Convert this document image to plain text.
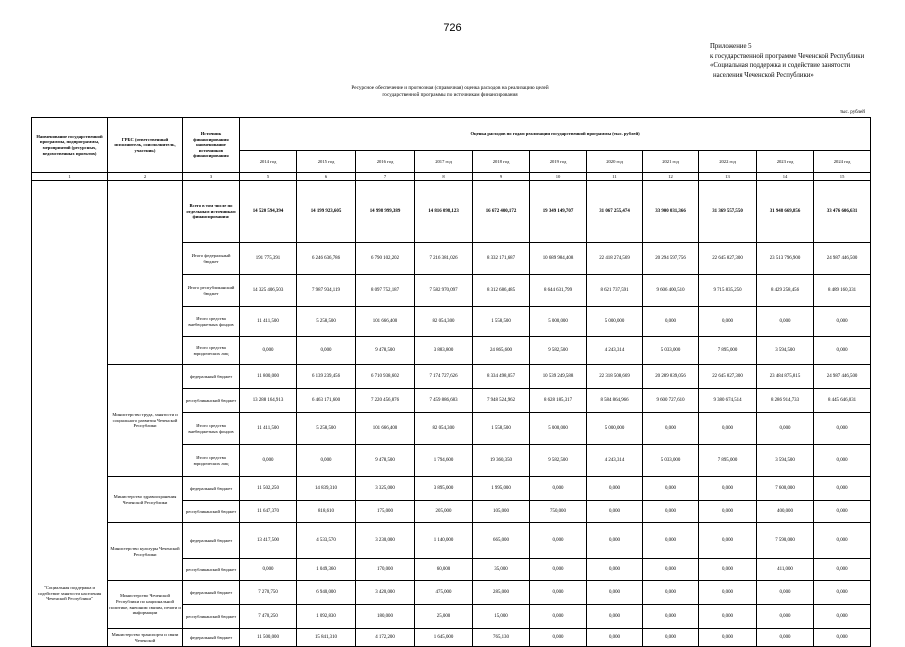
726
Приложение 5
к государственной программе Чеченской Республики
«Социальная поддержка и содействие занятости
населения Чеченской Республики»
Ресурсное обеспечение и прогнозная (справочная) оценка расходов на реализацию целей
государственной программы по источникам финансирования
тыс. рублей
Наименование государственной программы, подпрограммы, мероприятий (ресурсных, ведомственных проектов)	ГРБС (ответственный исполнитель, соисполнитель, участник)	Источник финансирования наименование источников финансирования	Оценка расходов по годам реализации государственной программы (тыс. рублей)										
			2014 год	2015 год	2016 год	2017 год	2018 год	2019 год	2020 год	2021 год	2022 год	2023 год	2024 год
1	2	3	5	6	7	8	9	10	11	12	13	14	15
"Социальная поддержка и содействие занятости населения Чеченской Республики"		Всего в том числе по отдельным источникам финансирования:	14 520 594,394	14 199 923,605	14 998 999,389	14 816 098,123	16 672 400,172	19 349 149,707	31 067 255,474	33 900 031,366	31 369 557,550	31 948 669,856	33 476 606,631
		Итого федеральный бюджет	191 775,391	6 246 636,786	6 790 102,202	7 216 381,026	8 332 171,687	10 689 984,408	22 418 274,569	20 294 597,756	22 645 827,300	23 513 796,900	24 987 446,500
		Итого республиканский бюджет	14 325 406,503	7 987 934,119	8 097 752,187	7 582 970,097	8 312 686,485	8 644 631,799	8 621 737,591	9 606 400,510	9 715 835,250	8 429 258,456	8 489 160,331
		Итого средства внебюджетных фондов	11 411,500	5 258,500	101 666,400	82 054,300	1 558,500	5 000,000	5 000,000	0,000	0,000	0,000	0,000
		Итого средства юридических лиц	0,000	0,000	9 478,500	3 883,800	24 865,600	9 582,500	4 243,314	5 033,000	7 895,000	3 594,500	0,000
	Министерство труда, занятости и социального развития Чеченской Республики	федеральный бюджет	11 800,000	6 139 239,456	6 710 938,602	7 174 727,626	8 334 498,057	10 539 249,588	22 318 508,669	20 289 839,056	22 645 827,300	23 484 875,815	24 987 446,500
		республиканский бюджет	13 288 164,913	6 463 171,600	7 220 456,876	7 459 886,683	7 948 524,962	8 628 185,317	8 584 864,966	9 600 727,610	9 380 674,514	8 286 914,733	8 445 646,031
		Итого средства внебюджетных фондов	11 411,500	5 258,500	101 666,400	82 054,300	1 558,500	5 000,000	5 000,000	0,000	0,000	0,000	0,000
		Итого средства юридических лиц	0,000	0,000	9 478,500	1 794,600	19 360,350	9 582,500	4 243,314	5 033,000	7 895,000	3 594,500	0,000
	Министерство здравоохранения Чеченской Республики	федеральный бюджет	11 502,250	14 839,310	3 325,000	3 895,000	1 995,000	0,000	0,000	0,000	0,000	7 600,000	0,000
		республиканский бюджет	11 647,370	818,610	175,000	205,000	105,000	750,000	0,000	0,000	0,000	400,000	0,000
	Министерство культуры Чеченской Республики	федеральный бюджет	13 417,500	4 533,570	3 230,000	1 140,000	665,000	0,000	0,000	0,000	0,000	7 590,000	0,000
		республиканский бюджет	0,000	1 049,360	170,000	60,000	35,000	0,000	0,000	0,000	0,000	411,000	0,000
	Министерство Чеченской Республики по национальной политике, внешним связям, печати и информации	федеральный бюджет	7 270,750	6 940,000	3 420,000	475,000	285,000	0,000	0,000	0,000	0,000	0,000	0,000
		республиканский бюджет	7 470,250	1 092,830	180,000	25,000	15,000	0,000	0,000	0,000	0,000	0,000	0,000
	Министерство транспорта и связи Чеченской	федеральный бюджет	11 500,000	15 841,310	4 172,200	1 645,000	765,130	0,000	0,000	0,000	0,000	0,000	0,000
